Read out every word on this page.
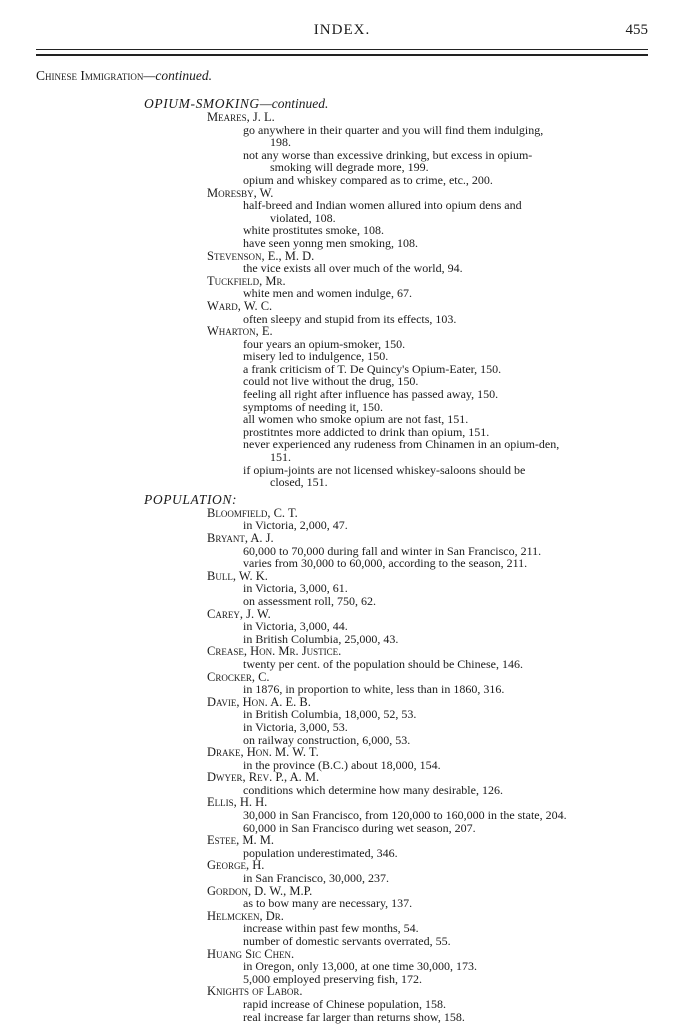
INDEX.	455
Chinese Immigration—continued.
OPIUM-SMOKING—continued.
Meares, J. L.
go anywhere in their quarter and you will find them indulging,
198.
not any worse than excessive drinking, but excess in opium-
smoking will degrade more, 199.
opium and whiskey compared as to crime, etc., 200.
Moresby, W.
half-breed and Indian women allured into opium dens and
violated, 108.
white prostitutes smoke, 108.
have seen yonng men smoking, 108.
Stevenson, E., M. D.
the vice exists all over much of the world, 94.
Tuckfield, Mr.
white men and women indulge, 67.
Ward, W. C.
often sleepy and stupid from its effects, 103.
Wharton, E.
four years an opium-smoker, 150.
misery led to indulgence, 150.
a frank criticism of T. De Quincy's Opium-Eater, 150.
could not live without the drug, 150.
feeling all right after influence has passed away, 150.
symptoms of needing it, 150.
all women who smoke opium are not fast, 151.
prostitntes more addicted to drink than opium, 151.
never experienced any rudeness from Chinamen in an opium-den,
151.
if opium-joints are not licensed whiskey-saloons should be
closed, 151.
POPULATION:
Bloomfield, C. T.
in Victoria, 2,000, 47.
Bryant, A. J.
60,000 to 70,000 during fall and winter in San Francisco, 211.
varies from 30,000 to 60,000, according to the season, 211.
Bull, W. K.
in Victoria, 3,000, 61.
on assessment roll, 750, 62.
Carey, J. W.
in Victoria, 3,000, 44.
in British Columbia, 25,000, 43.
Crease, Hon. Mr. Justice.
twenty per cent. of the population should be Chinese, 146.
Crocker, C.
in 1876, in proportion to white, less than in 1860, 316.
Davie, Hon. A. E. B.
in British Columbia, 18,000, 52, 53.
in Victoria, 3,000, 53.
on railway construction, 6,000, 53.
Drake, Hon. M. W. T.
in the province (B.C.) about 18,000, 154.
Dwyer, Rev. P., A. M.
conditions which determine how many desirable, 126.
Ellis, H. H.
30,000 in San Francisco, from 120,000 to 160,000 in the state, 204.
60,000 in San Francisco during wet season, 207.
Estee, M. M.
population underestimated, 346.
George, H.
in San Francisco, 30,000, 237.
Gordon, D. W., M.P.
as to bow many are necessary, 137.
Helmcken, Dr.
increase within past few months, 54.
number of domestic servants overrated, 55.
Huang Sic Chen.
in Oregon, only 13,000, at one time 30,000, 173.
5,000 employed preserving fish, 172.
Knights of Labor.
rapid increase of Chinese population, 158.
real increase far larger than returns show, 158.
